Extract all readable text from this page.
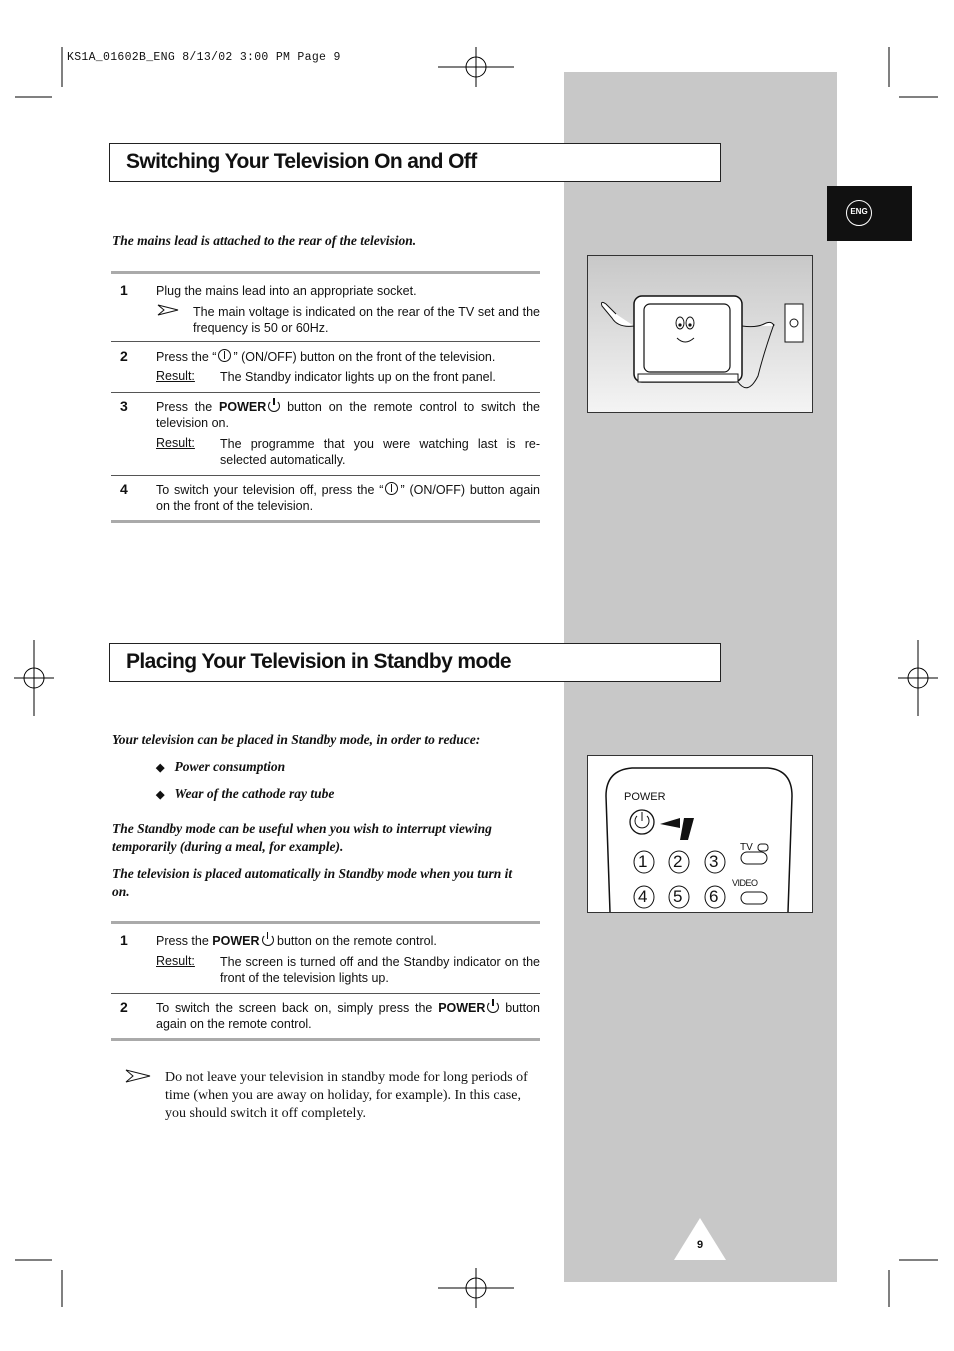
KS1A_01602B_ENG 8/13/02 3:00 PM Page 9
ENG
Switching Your Television On and Off
The mains lead is attached to the rear of the television.
1 Plug the mains lead into an appropriate socket.
The main voltage is indicated on the rear of the TV set and the frequency is 50 or 60Hz.
2 Press the “ ” (ON/OFF) button on the front of the television.
Result: The Standby indicator lights up on the front panel.
3 Press the POWER button on the remote control to switch the television on.
Result: The programme that you were watching last is re-selected automatically.
4 To switch your television off, press the “ ” (ON/OFF) button again on the front of the television.
Placing Your Television in Standby mode
Your television can be placed in Standby mode, in order to reduce:
◆ Power consumption
◆ Wear of the cathode ray tube
The Standby mode can be useful when you wish to interrupt viewing temporarily (during a meal, for example).
The television is placed automatically in Standby mode when you turn it on.
1 Press the POWER button on the remote control.
Result: The screen is turned off and the Standby indicator on the front of the television lights up.
2 To switch the screen back on, simply press the POWER button again on the remote control.
Do not leave your television in standby mode for long periods of time (when you are away on holiday, for example). In this case, you should switch it off completely.
POWER
TV
VIDEO
1 2 3
4 5 6
9
